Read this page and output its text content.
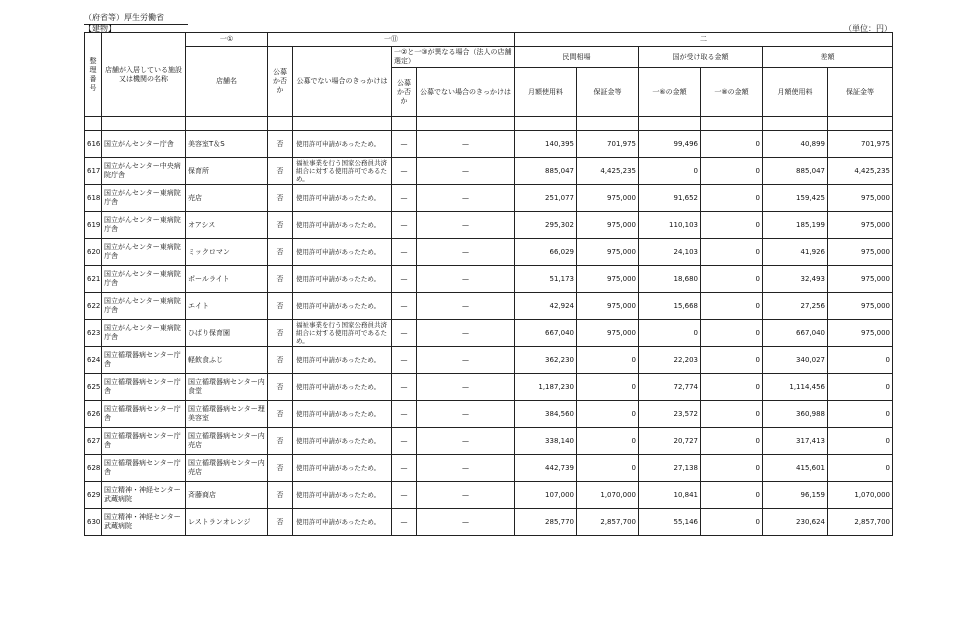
（府省等）厚生労働省
【建物】	（単位：円）
整理番号	店舗が入居している施設又は機関の名称	一①	一⑪				二					
		店舗名	公募か否か	公募でない場合のきっかけは	一②と一③が異なる場合（法人の店舗選定）		民間相場		国が受け取る金額		差額	
					公募か否か	公募でない場合のきっかけは	月額使用料	保証金等	一⑥の金額	一⑧の金額	月額使用料	保証金等

616	国立がんセンター庁舎	美容室T＆S	否	使用許可申請があったため。	—	—	140,395	701,975	99,496	0	40,899	701,975

617	国立がんセンター中央病院庁舎	保育所	否	福祉事業を行う国家公務員共済組合に対する使用許可であるため。	—	—	885,047	4,425,235	0	0	885,047	4,425,235

618	国立がんセンター東病院庁舎	売店	否	使用許可申請があったため。	—	—	251,077	975,000	91,652	0	159,425	975,000

619	国立がんセンター東病院庁舎	オアシス	否	使用許可申請があったため。	—	—	295,302	975,000	110,103	0	185,199	975,000

620	国立がんセンター東病院庁舎	ミックロマン	否	使用許可申請があったため。	—	—	66,029	975,000	24,103	0	41,926	975,000

621	国立がんセンター東病院庁舎	ポールライト	否	使用許可申請があったため。	—	—	51,173	975,000	18,680	0	32,493	975,000

622	国立がんセンター東病院庁舎	エイト	否	使用許可申請があったため。	—	—	42,924	975,000	15,668	0	27,256	975,000

623	国立がんセンター東病院庁舎	ひばり保育園	否	福祉事業を行う国家公務員共済組合に対する使用許可であるため。	—	—	667,040	975,000	0	0	667,040	975,000

624	国立循環器病センター庁舎	軽飲食ふじ	否	使用許可申請があったため。	—	—	362,230	0	22,203	0	340,027	0

625	国立循環器病センター庁舎	国立循環器病センター内食堂	否	使用許可申請があったため。	—	—	1,187,230	0	72,774	0	1,114,456	0

626	国立循環器病センター庁舎	国立循環器病センター理美容室	否	使用許可申請があったため。	—	—	384,560	0	23,572	0	360,988	0

627	国立循環器病センター庁舎	国立循環器病センター内売店	否	使用許可申請があったため。	—	—	338,140	0	20,727	0	317,413	0

628	国立循環器病センター庁舎	国立循環器病センター内売店	否	使用許可申請があったため。	—	—	442,739	0	27,138	0	415,601	0

629	国立精神・神経センター武蔵病院	斉藤商店	否	使用許可申請があったため。	—	—	107,000	1,070,000	10,841	0	96,159	1,070,000

630	国立精神・神経センター武蔵病院	レストランオレンジ	否	使用許可申請があったため。	—	—	285,770	2,857,700	55,146	0	230,624	2,857,700
